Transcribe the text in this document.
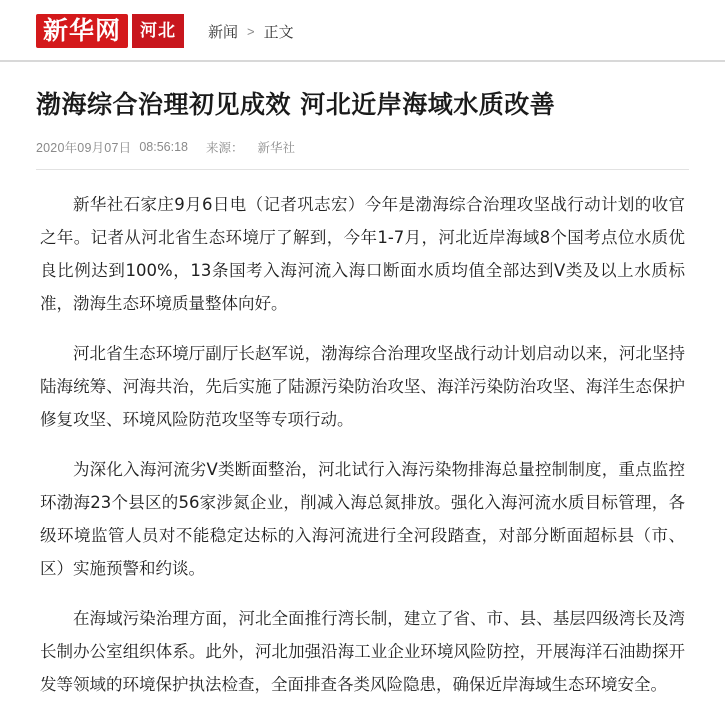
新华网	河北	新闻 > 正文
渤海综合治理初见成效 河北近岸海域水质改善
2020年09月07日 08:56:18 来源： 新华社

新华社石家庄9月6日电（记者巩志宏）今年是渤海综合治理攻坚战行动计划的收官之年。记者从河北省生态环境厅了解到，今年1-7月，河北近岸海域8个国考点位水质优良比例达到100%，13条国考入海河流入海口断面水质均值全部达到Ⅴ类及以上水质标准，渤海生态环境质量整体向好。

河北省生态环境厅副厅长赵军说，渤海综合治理攻坚战行动计划启动以来，河北坚持陆海统筹、河海共治，先后实施了陆源污染防治攻坚、海洋污染防治攻坚、海洋生态保护修复攻坚、环境风险防范攻坚等专项行动。

为深化入海河流劣Ⅴ类断面整治，河北试行入海污染物排海总量控制制度，重点监控环渤海23个县区的56家涉氮企业，削减入海总氮排放。强化入海河流水质目标管理，各级环境监管人员对不能稳定达标的入海河流进行全河段踏查，对部分断面超标县（市、区）实施预警和约谈。

在海域污染治理方面，河北全面推行湾长制，建立了省、市、县、基层四级湾长及湾长制办公室组织体系。此外，河北加强沿海工业企业环境风险防控，开展海洋石油勘探开发等领域的环境保护执法检查，全面排查各类风险隐患，确保近岸海域生态环境安全。
